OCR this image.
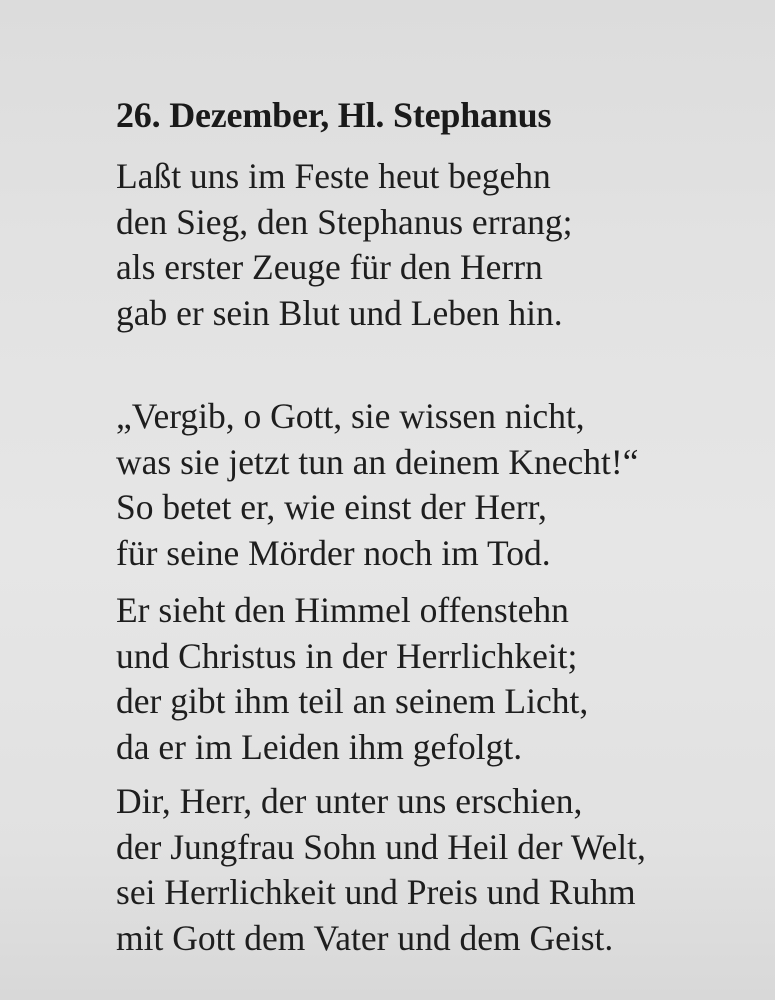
26. Dezember, Hl. Stephanus
Laßt uns im Feste heut begehn
den Sieg, den Stephanus errang;
als erster Zeuge für den Herrn
gab er sein Blut und Leben hin.
„Vergib, o Gott, sie wissen nicht,
was sie jetzt tun an deinem Knecht!“
So betet er, wie einst der Herr,
für seine Mörder noch im Tod.
Er sieht den Himmel offenstehn
und Christus in der Herrlichkeit;
der gibt ihm teil an seinem Licht,
da er im Leiden ihm gefolgt.
Dir, Herr, der unter uns erschien,
der Jungfrau Sohn und Heil der Welt,
sei Herrlichkeit und Preis und Ruhm
mit Gott dem Vater und dem Geist.
